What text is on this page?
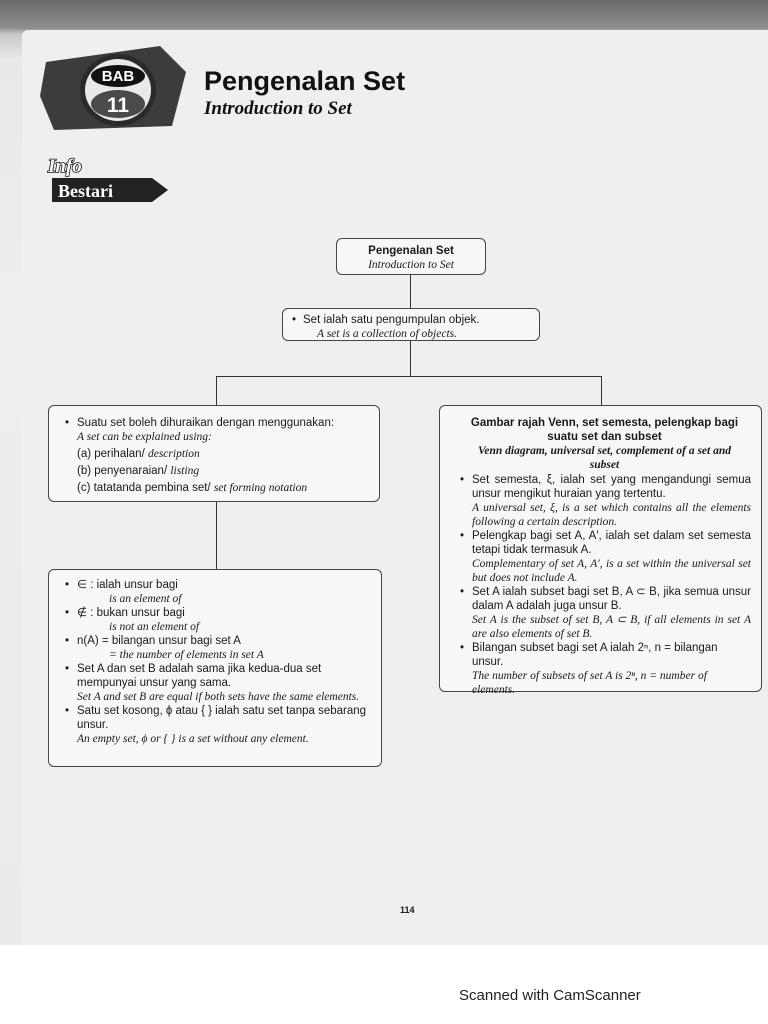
BAB
11
Pengenalan Set
Introduction to Set
Info
Bestari
Pengenalan Set
Introduction to Set
• Set ialah satu pengumpulan objek.
A set is a collection of objects.
• Suatu set boleh dihuraikan dengan menggunakan:
A set can be explained using:
(a) perihalan/ description
(b) penyenaraian/ listing
(c) tatatanda pembina set/ set forming notation
• ∈ : ialah unsur bagi
is an element of
• ∉ : bukan unsur bagi
is not an element of
• n(A) = bilangan unsur bagi set A
= the number of elements in set A
• Set A dan set B adalah sama jika kedua-dua set mempunyai unsur yang sama.
Set A and set B are equal if both sets have the same elements.
• Satu set kosong, ϕ atau { } ialah satu set tanpa sebarang unsur.
An empty set, ϕ or { } is a set without any element.
Gambar rajah Venn, set semesta, pelengkap bagi suatu set dan subset
Venn diagram, universal set, complement of a set and subset
• Set semesta, ξ, ialah set yang mengandungi semua unsur mengikut huraian yang tertentu.
A universal set, ξ, is a set which contains all the elements following a certain description.
• Pelengkap bagi set A, A′, ialah set dalam set semesta tetapi tidak termasuk A.
Complementary of set A, A′, is a set within the universal set but does not include A.
• Set A ialah subset bagi set B, A ⊂ B, jika semua unsur dalam A adalah juga unsur B.
Set A is the subset of set B, A ⊂ B, if all elements in set A are also elements of set B.
• Bilangan subset bagi set A ialah 2ⁿ, n = bilangan unsur.
The number of subsets of set A is 2ⁿ, n = number of elements.
114
Scanned with CamScanner
